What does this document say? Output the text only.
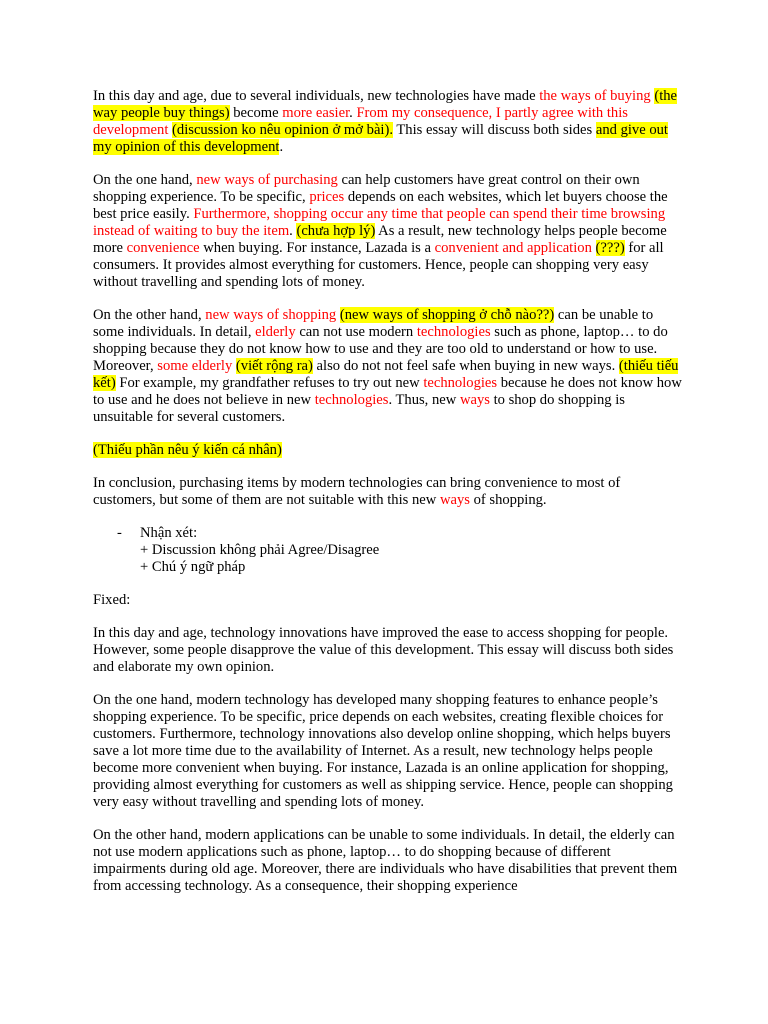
In this day and age, due to several individuals, new technologies have made the ways of buying (the way people buy things) become more easier. From my consequence, I partly agree with this development (discussion ko nêu opinion ở mở bài). This essay will discuss both sides and give out my opinion of this development.

On the one hand, new ways of purchasing can help customers have great control on their own shopping experience. To be specific, prices depends on each websites, which let buyers choose the best price easily. Furthermore, shopping occur any time that people can spend their time browsing instead of waiting to buy the item. (chưa hợp lý) As a result, new technology helps people become more convenience when buying. For instance, Lazada is a convenient and application (???) for all consumers. It provides almost everything for customers. Hence, people can shopping very easy without travelling and spending lots of money.

On the other hand, new ways of shopping (new ways of shopping ở chỗ nào??) can be unable to some individuals. In detail, elderly can not use modern technologies such as phone, laptop… to do shopping because they do not know how to use and they are too old to understand or how to use. Moreover, some elderly (viết rộng ra) also do not not feel safe when buying in new ways. (thiếu tiếu kết) For example, my grandfather refuses to try out new technologies because he does not know how to use and he does not believe in new technologies. Thus, new ways to shop do shopping is unsuitable for several customers.

(Thiếu phần nêu ý kiến cá nhân)

In conclusion, purchasing items by modern technologies can bring convenience to most of customers, but some of them are not suitable with this new ways of shopping.

-	Nhận xét:
+ Discussion không phải Agree/Disagree
+ Chú ý ngữ pháp

Fixed:

In this day and age, technology innovations have improved the ease to access shopping for people. However, some people disapprove the value of this development. This essay will discuss both sides and elaborate my own opinion.

On the one hand, modern technology has developed many shopping features to enhance people’s shopping experience. To be specific, price depends on each websites, creating flexible choices for customers. Furthermore, technology innovations also develop online shopping, which helps buyers save a lot more time due to the availability of Internet. As a result, new technology helps people become more convenient when buying. For instance, Lazada is an online application for shopping, providing almost everything for customers as well as shipping service. Hence, people can shopping very easy without travelling and spending lots of money.

On the other hand, modern applications can be unable to some individuals. In detail, the elderly can not use modern applications such as phone, laptop… to do shopping because of different impairments during old age. Moreover, there are individuals who have disabilities that prevent them from accessing technology. As a consequence, their shopping experience
